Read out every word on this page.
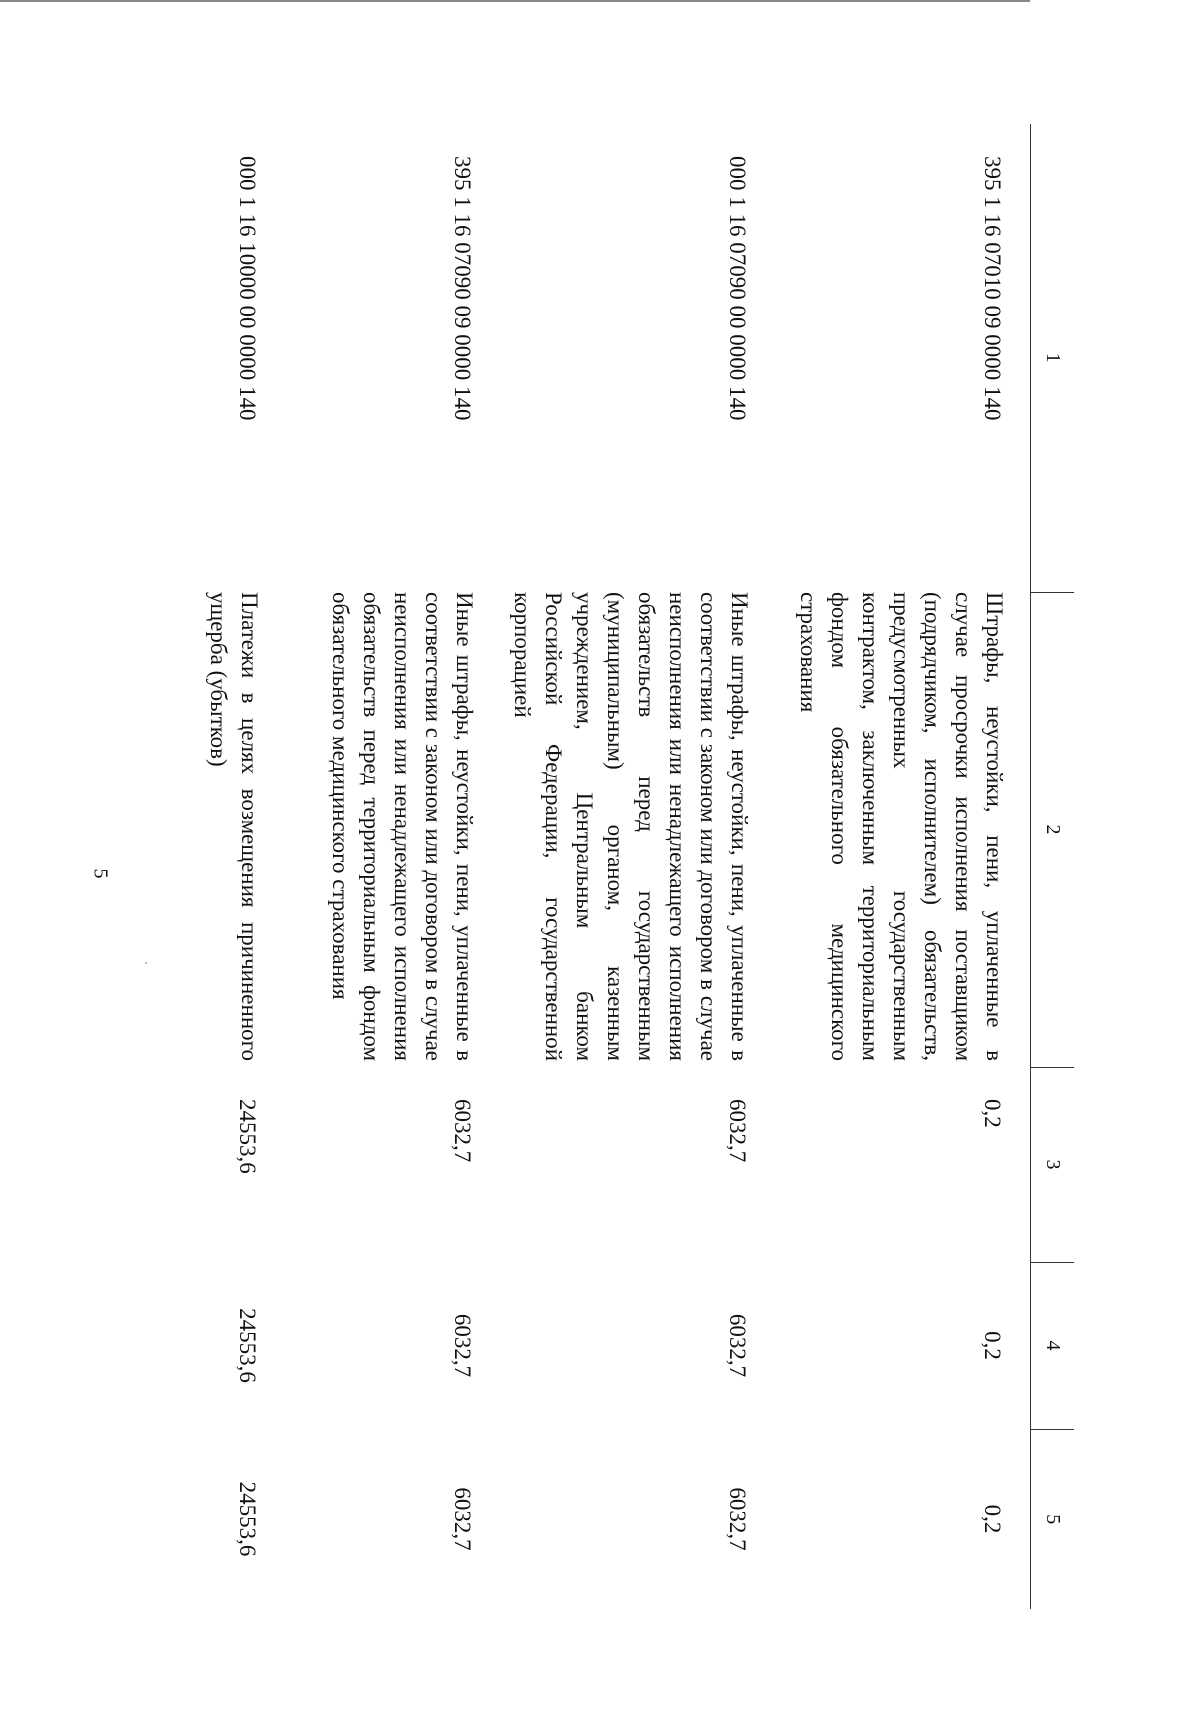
5
	1	2	3	4	5	
	395 1 16 07010 09 0000 140	Штрафы, неустойки, пени, уплаченные в случае просрочки исполнения поставщиком (подрядчиком, исполнителем) обязательств, предусмотренных государственным контрактом, заключенным территориальным фондом обязательного медицинского страхования	0,2	0,2	0,2	
	000 1 16 07090 00 0000 140	Иные штрафы, неустойки, пени, уплаченные в соответствии с законом или договором в случае неисполнения или ненадлежащего исполнения обязательств перед государственным (муниципальным) органом, казенным учреждением, Центральным банком Российской Федерации, государственной корпорацией	6032,7	6032,7	6032,7	
	395 1 16 07090 09 0000 140	Иные штрафы, неустойки, пени, уплаченные в соответствии с законом или договором в случае неисполнения или ненадлежащего исполнения обязательств перед территориальным фондом обязательного медицинского страхования	6032,7	6032,7	6032,7	
	000 1 16 10000 00 0000 140	Платежи в целях возмещения причиненного ущерба (убытков)	24553,6	24553,6	24553,6	
